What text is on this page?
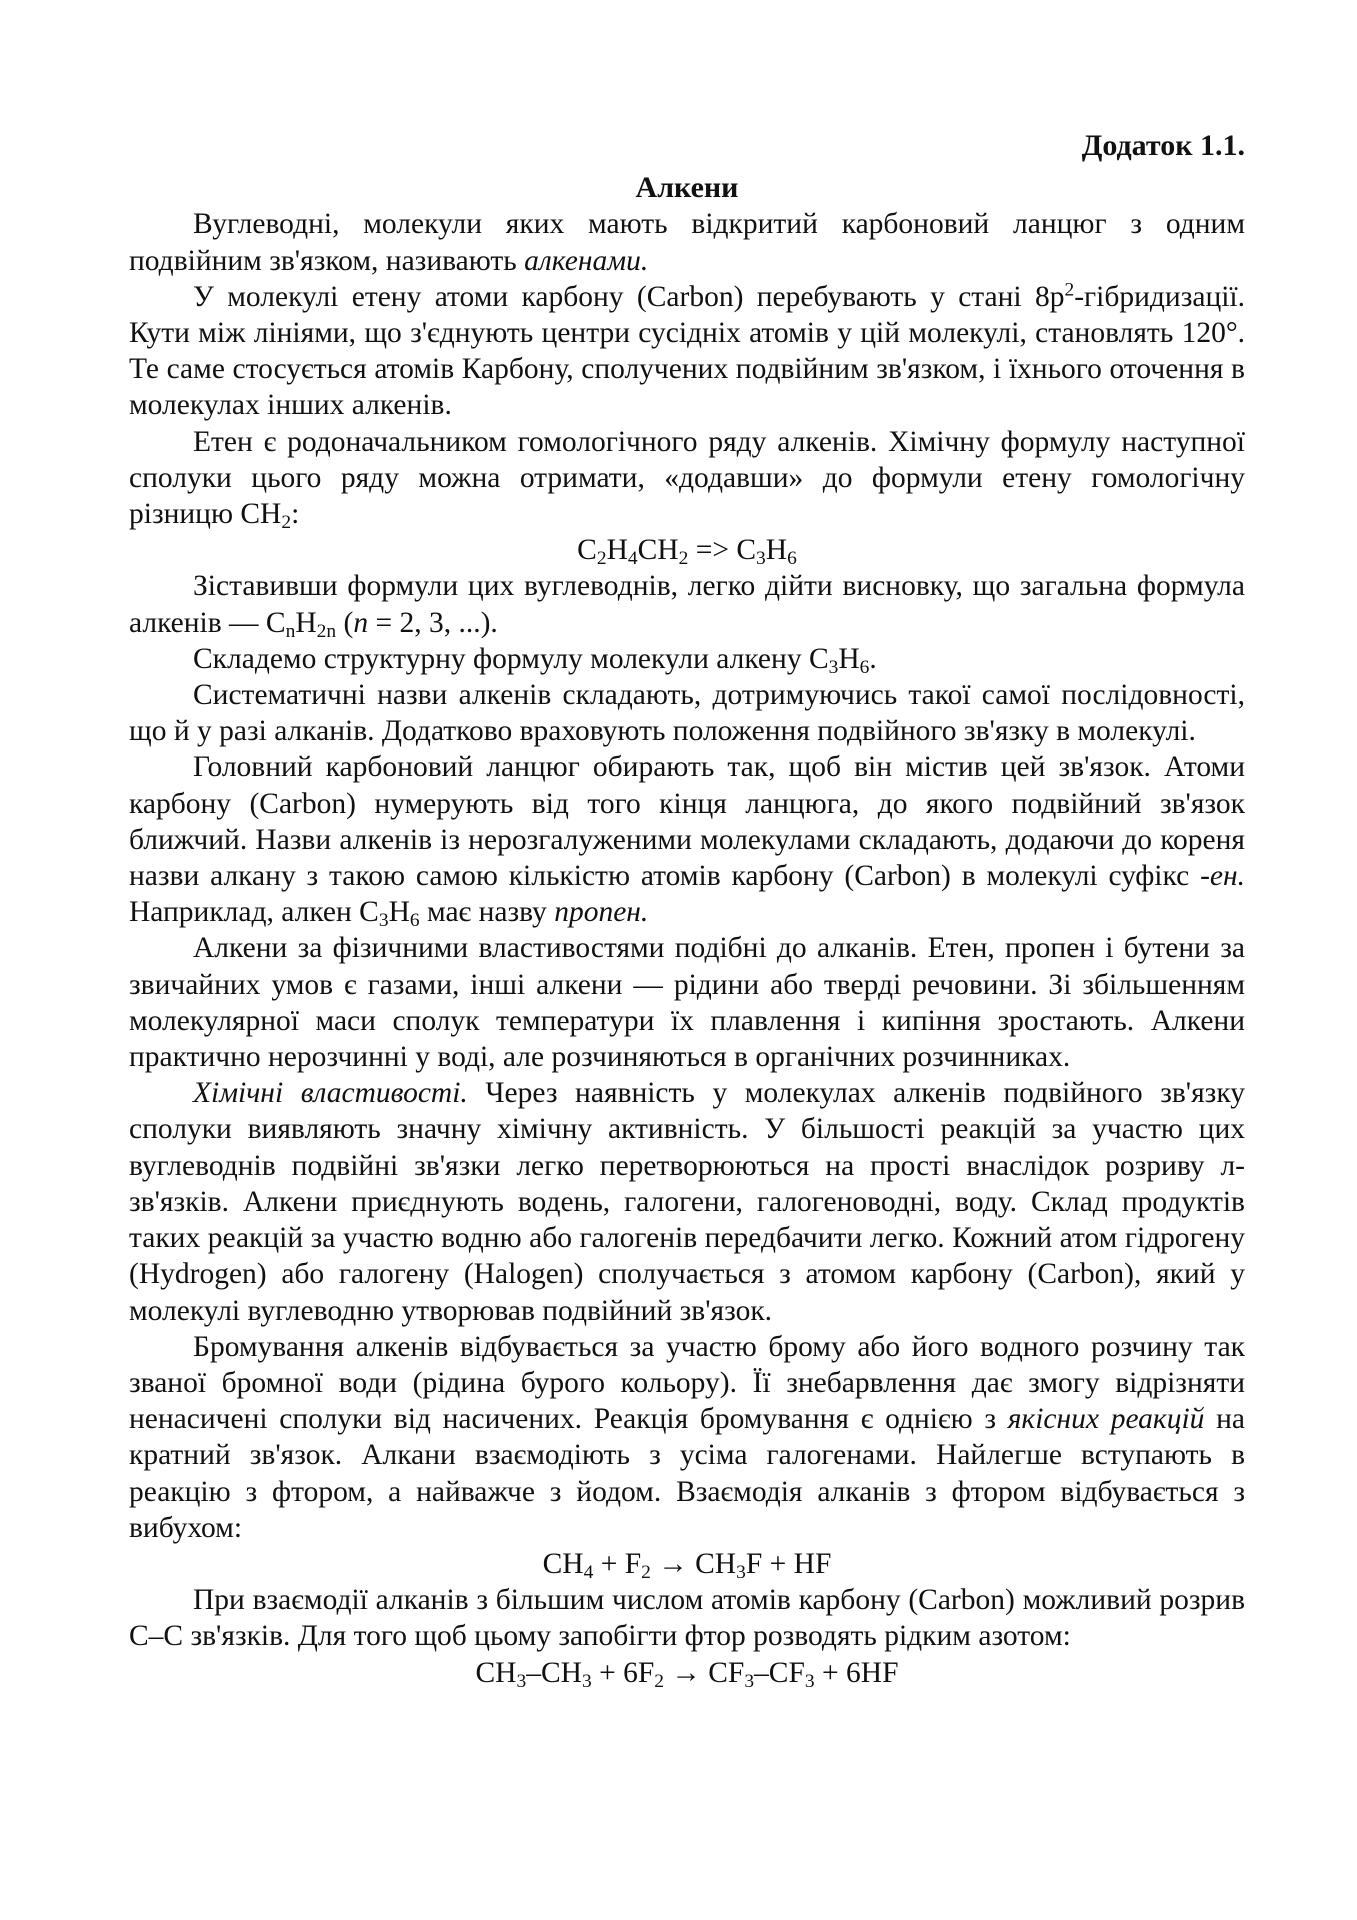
Додаток 1.1.
Алкени

Вуглеводні, молекули яких мають відкритий карбоновий ланцюг з одним подвійним зв'язком, називають алкенами.

У молекулі етену атоми карбону (Carbon) перебувають у стані $8р^2$-гібридизації. Кути між лініями, що з'єднують центри сусідніх атомів у цій молекулі, становлять 120°. Те саме стосується атомів Карбону, сполучених подвійним зв'язком, і їхнього оточення в молекулах інших алкенів.

Етен є родоначальником гомологічного ряду алкенів. Хімічну формулу наступної сполуки цього ряду можна отримати, «додавши» до формули етену гомологічну різницю $СН_2$:

$C_2H_4CH_2 => C_3H_6$

Зіставивши формули цих вуглеводнів, легко дійти висновку, що загальна формула алкенів — $C_nH_{2n}$ (n = 2, 3, ...).

Складемо структурну формулу молекули алкену $С_3Н_6$.

Систематичні назви алкенів складають, дотримуючись такої самої послідовності, що й у разі алканів. Додатково враховують положення подвійного зв'язку в молекулі.

Головний карбоновий ланцюг обирають так, щоб він містив цей зв'язок. Атоми карбону (Carbon) нумерують від того кінця ланцюга, до якого подвійний зв'язок ближчий. Назви алкенів із нерозгалуженими молекулами складають, додаючи до кореня назви алкану з такою самою кількістю атомів карбону (Carbon) в молекулі суфікс -ен. Наприклад, алкен $С_3Н_6$ має назву пропен.

Алкени за фізичними властивостями подібні до алканів. Етен, пропен і бутени за звичайних умов є газами, інші алкени — рідини або тверді речовини. Зі збільшенням молекулярної маси сполук температури їх плавлення і кипіння зростають. Алкени практично нерозчинні у воді, але розчиняються в органічних розчинниках.

Хімічні властивості. Через наявність у молекулах алкенів подвійного зв'язку сполуки виявляють значну хімічну активність. У більшості реакцій за участю цих вуглеводнів подвійні зв'язки легко перетворюються на прості внаслідок розриву л-зв'язків. Алкени приєднують водень, галогени, галогеноводні, воду. Склад продуктів таких реакцій за участю водню або галогенів передбачити легко. Кожний атом гідрогену (Hydrogen) або галогену (Halogen) сполучається з атомом карбону (Carbon), який у молекулі вуглеводню утворював подвійний зв'язок.

Бромування алкенів відбувається за участю брому або його водного розчину так званої бромної води (рідина бурого кольору). Її знебарвлення дає змогу відрізняти ненасичені сполуки від насичених. Реакція бромування є однією з якісних реакцій на кратний зв'язок. Алкани взаємодіють з усіма галогенами. Найлегше вступають в реакцію з фтором, а найважче з йодом. Взаємодія алканів з фтором відбувається з вибухом:

$CH_4 + F_2 \to CH_3F$ + HF

При взаємодії алканів з більшим числом атомів карбону (Carbon) можливий розрив С–С зв'язків. Для того щоб цьому запобігти фтор розводять рідким азотом:

$CH_3-CH_3 + 6F_2 \to CF_3-CF_3 + 6HF$
